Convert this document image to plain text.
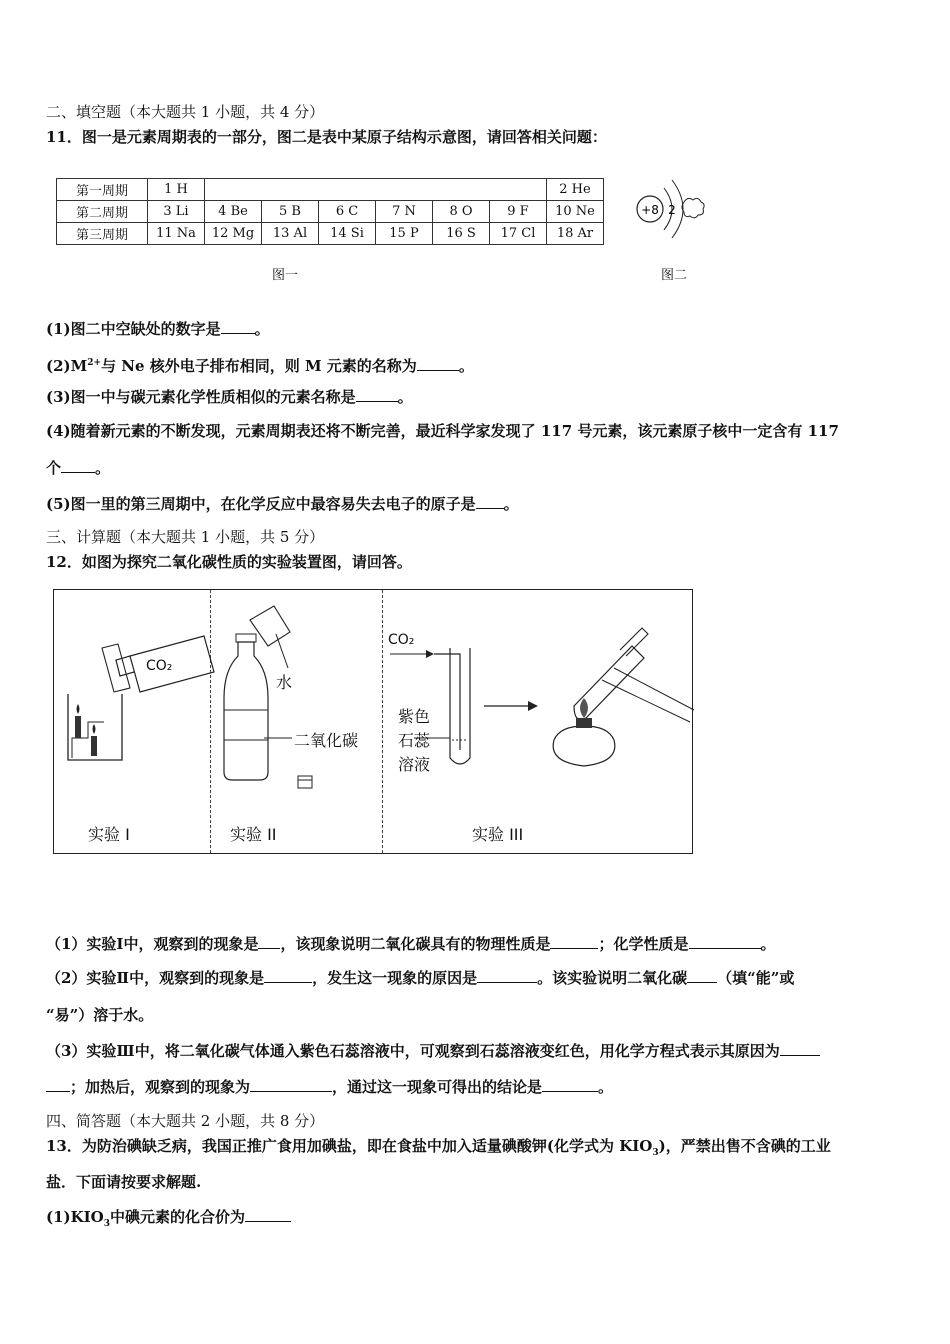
二、填空题（本大题共 1 小题，共 4 分）
11．图一是元素周期表的一部分，图二是表中某原子结构示意图，请回答相关问题：
第一周期	1 H							2 He
第二周期	3 Li	4 Be	5 B	6 C	7 N	8 O	9 F	10 Ne
第三周期	11 Na	12 Mg	13 Al	14 Si	15 P	16 S	17 Cl	18 Ar
图一
+8 2
图二
(1)图二中空缺处的数字是 。
$(2)M^{2+}$与 Ne 核外电子排布相同，则 M 元素的名称为	。
(3)图一中与碳元素化学性质相似的元素名称是	。
(4)随着新元素的不断发现，元素周期表还将不断完善，最近科学家发现了 117 号元素，该元素原子核中一定含有 117
个 。
(5)图一里的第三周期中，在化学反应中最容易失去电子的原子是 。
三、计算题（本大题共 1 小题，共 5 分）
12．如图为探究二氧化碳性质的实验装置图，请回答。
CO₂
水
二氧化碳
CO₂
紫色
石蕊
溶液
实验 I	实验 II	实验 III
（1）实验Ⅰ中，观察到的现象是 ，该现象说明二氧化碳具有的物理性质是	；化学性质是	。
（2）实验Ⅱ中，观察到的现象是	，发生这一现象的原因是	。该实验说明二氧化碳 （填“能”或
“易”）溶于水。
（3）实验Ⅲ中，将二氧化碳气体通入紫色石蕊溶液中，可观察到石蕊溶液变红色，用化学方程式表示其原因为
；加热后，观察到的现象为	，通过这一现象可得出的结论是	。
四、简答题（本大题共 2 小题，共 8 分）
13．为防治碘缺乏病，我国正推广食用加碘盐，即在食盐中加入适量碘酸钾(化学式为 $KIO_3$)，严禁出售不含碘的工业
盐．下面请按要求解题.
$(1)KIO_3$中碘元素的化合价为
